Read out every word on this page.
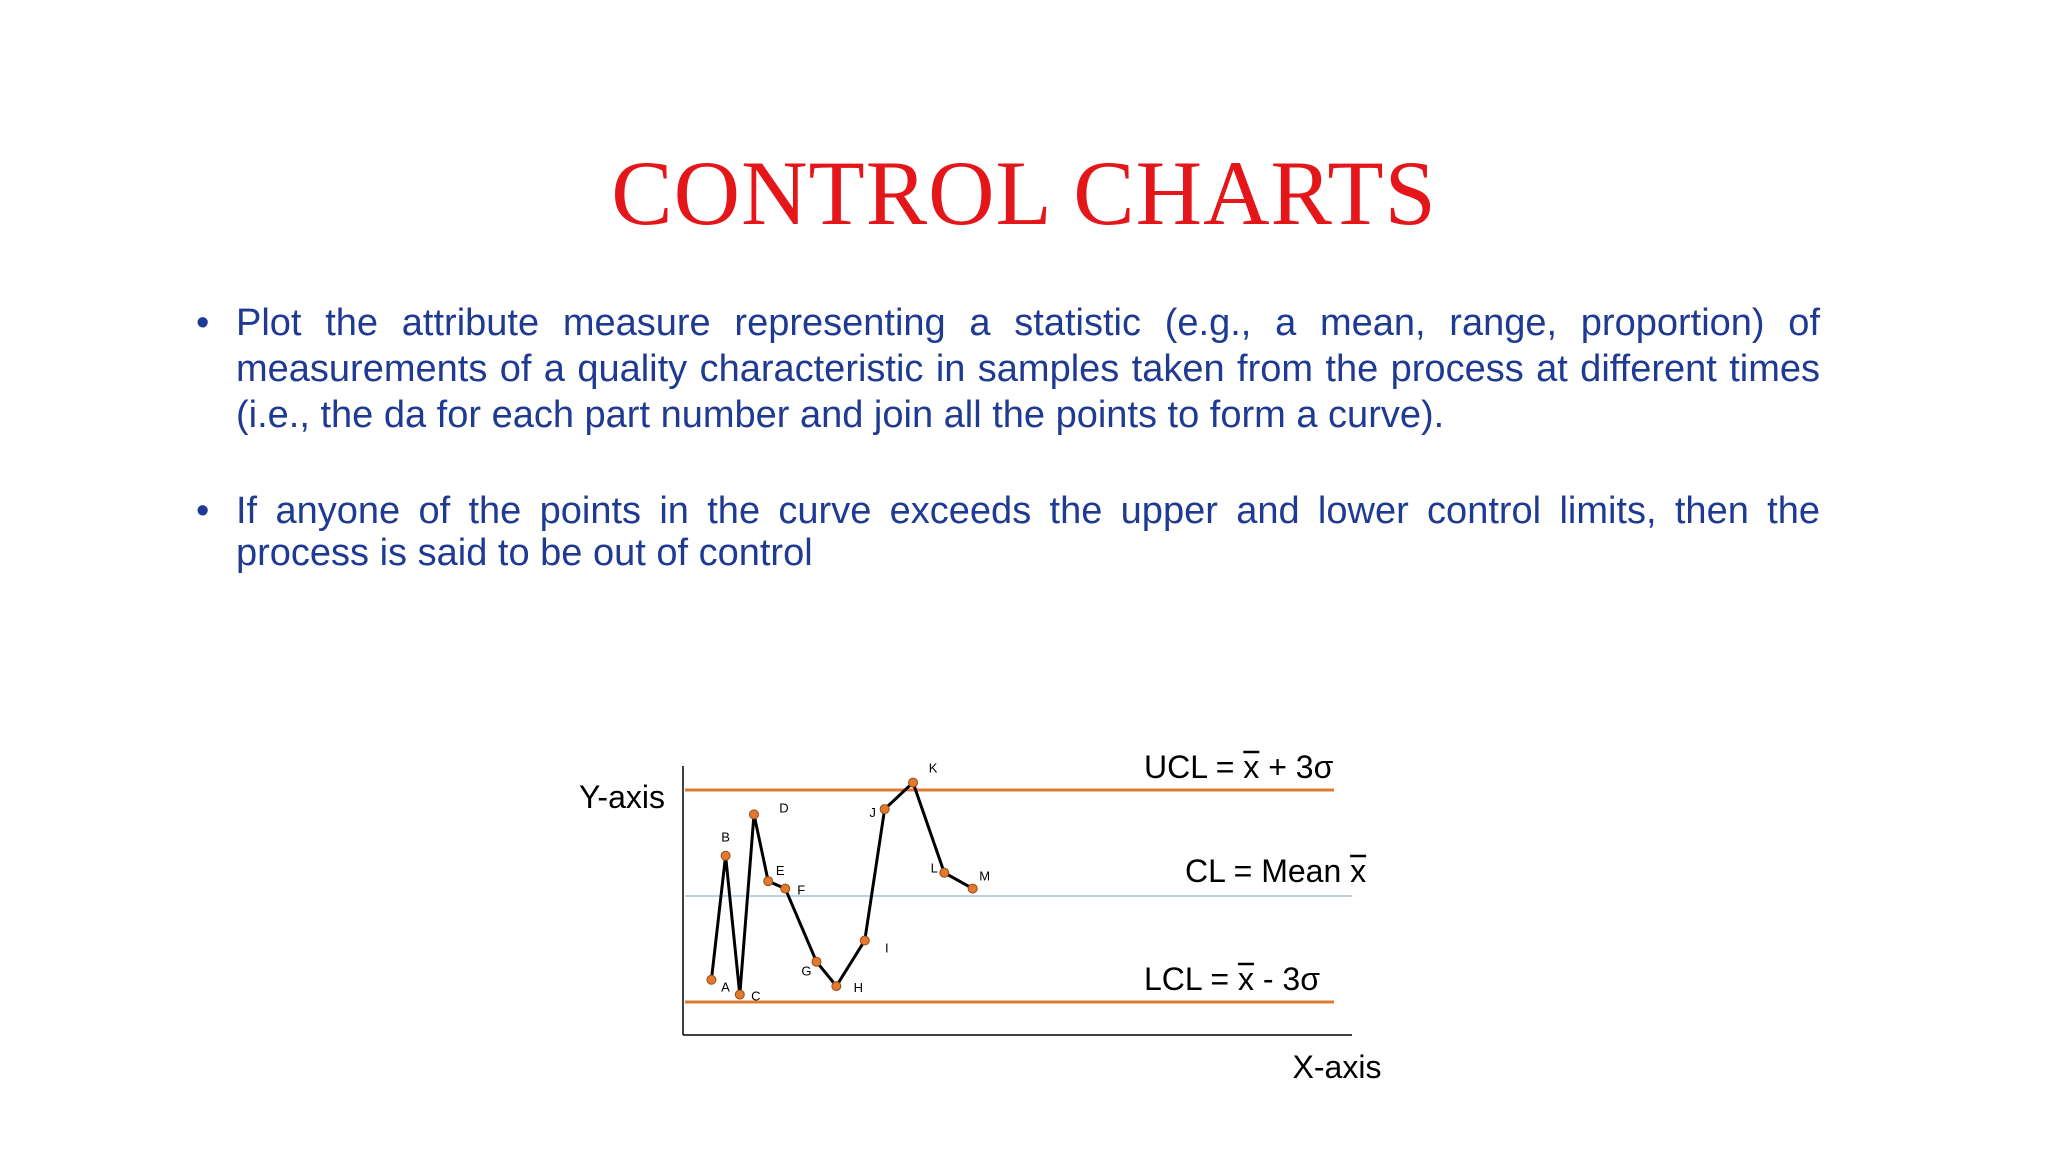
CONTROL CHARTS
• Plot the attribute measure representing a statistic (e.g., a mean, range, proportion) of measurements of a quality characteristic in samples taken from the process at different times (i.e., the da for each part number and join all the points to form a curve).
• If anyone of the points in the curve exceeds the upper and lower control limits, then the process is said to be out of control
Y-axis
X-axis
UCL = x + 3σ
CL = Mean x
LCL = x - 3σ
A
B
C
D
E
F
G
H
I
J
K
L
M
